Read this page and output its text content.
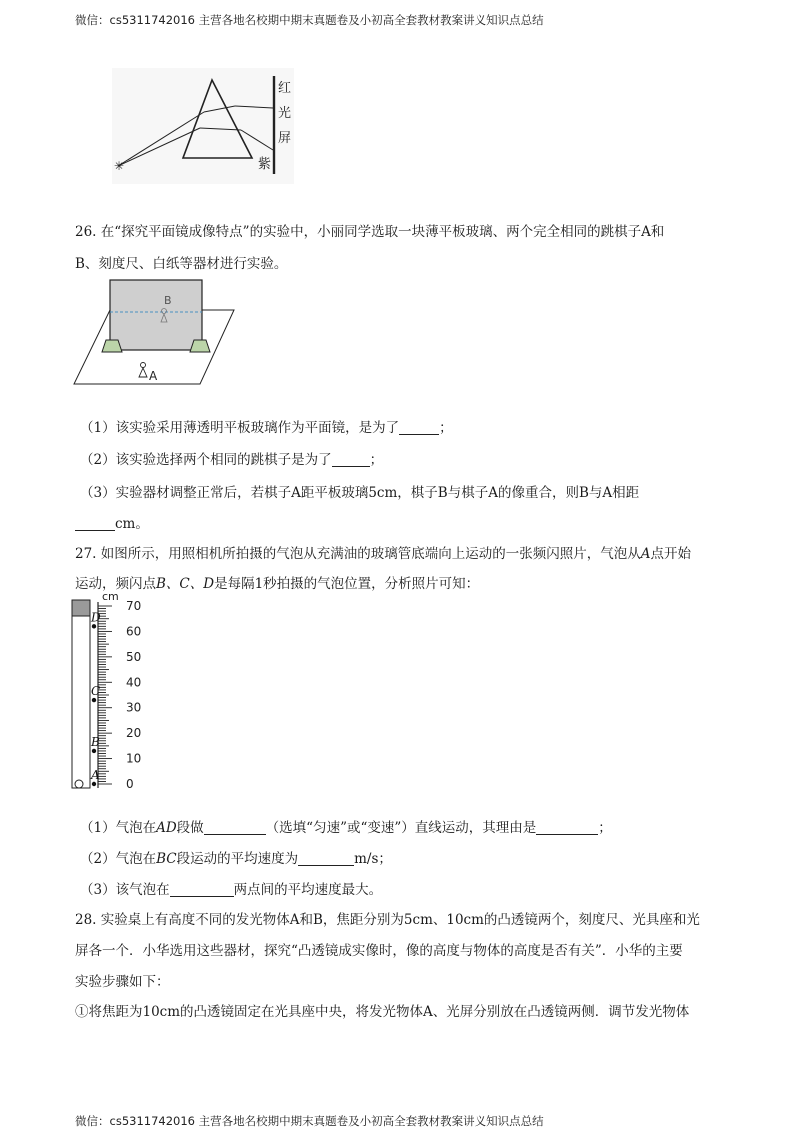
微信：cs5311742016 主营各地名校期中期末真题卷及小初高全套教材教案讲义知识点总结
微信：cs5311742016 主营各地名校期中期末真题卷及小初高全套教材教案讲义知识点总结
✳
红
光
屏
紫
26. 在“探究平面镜成像特点”的实验中，小丽同学选取一块薄平板玻璃、两个完全相同的跳棋子A和
B、刻度尺、白纸等器材进行实验。
B
A
（1）该实验采用薄透明平板玻璃作为平面镜，是为了	；
（2）该实验选择两个相同的跳棋子是为了	；
（3）实验器材调整正常后，若棋子A距平板玻璃5cm，棋子B与棋子A的像重合，则B与A相距
cm。
27. 如图所示，用照相机所拍摄的气泡从充满油的玻璃管底端向上运动的一张频闪照片，气泡从A点开始
运动，频闪点B、C、D是每隔1秒拍摄的气泡位置，分析照片可知：
cm
70
60
50
40
30
20
10
0
D
C
B
A
（1）气泡在AD段做	（选填“匀速”或“变速”）直线运动，其理由是	；
（2）气泡在BC段运动的平均速度为	m/s；
（3）该气泡在	两点间的平均速度最大。
28. 实验桌上有高度不同的发光物体A和B，焦距分别为5cm、10cm的凸透镜两个，刻度尺、光具座和光
屏各一个．小华选用这些器材，探究“凸透镜成实像时，像的高度与物体的高度是否有关”．小华的主要
实验步骤如下：
①将焦距为10cm的凸透镜固定在光具座中央，将发光物体A、光屏分别放在凸透镜两侧．调节发光物体
